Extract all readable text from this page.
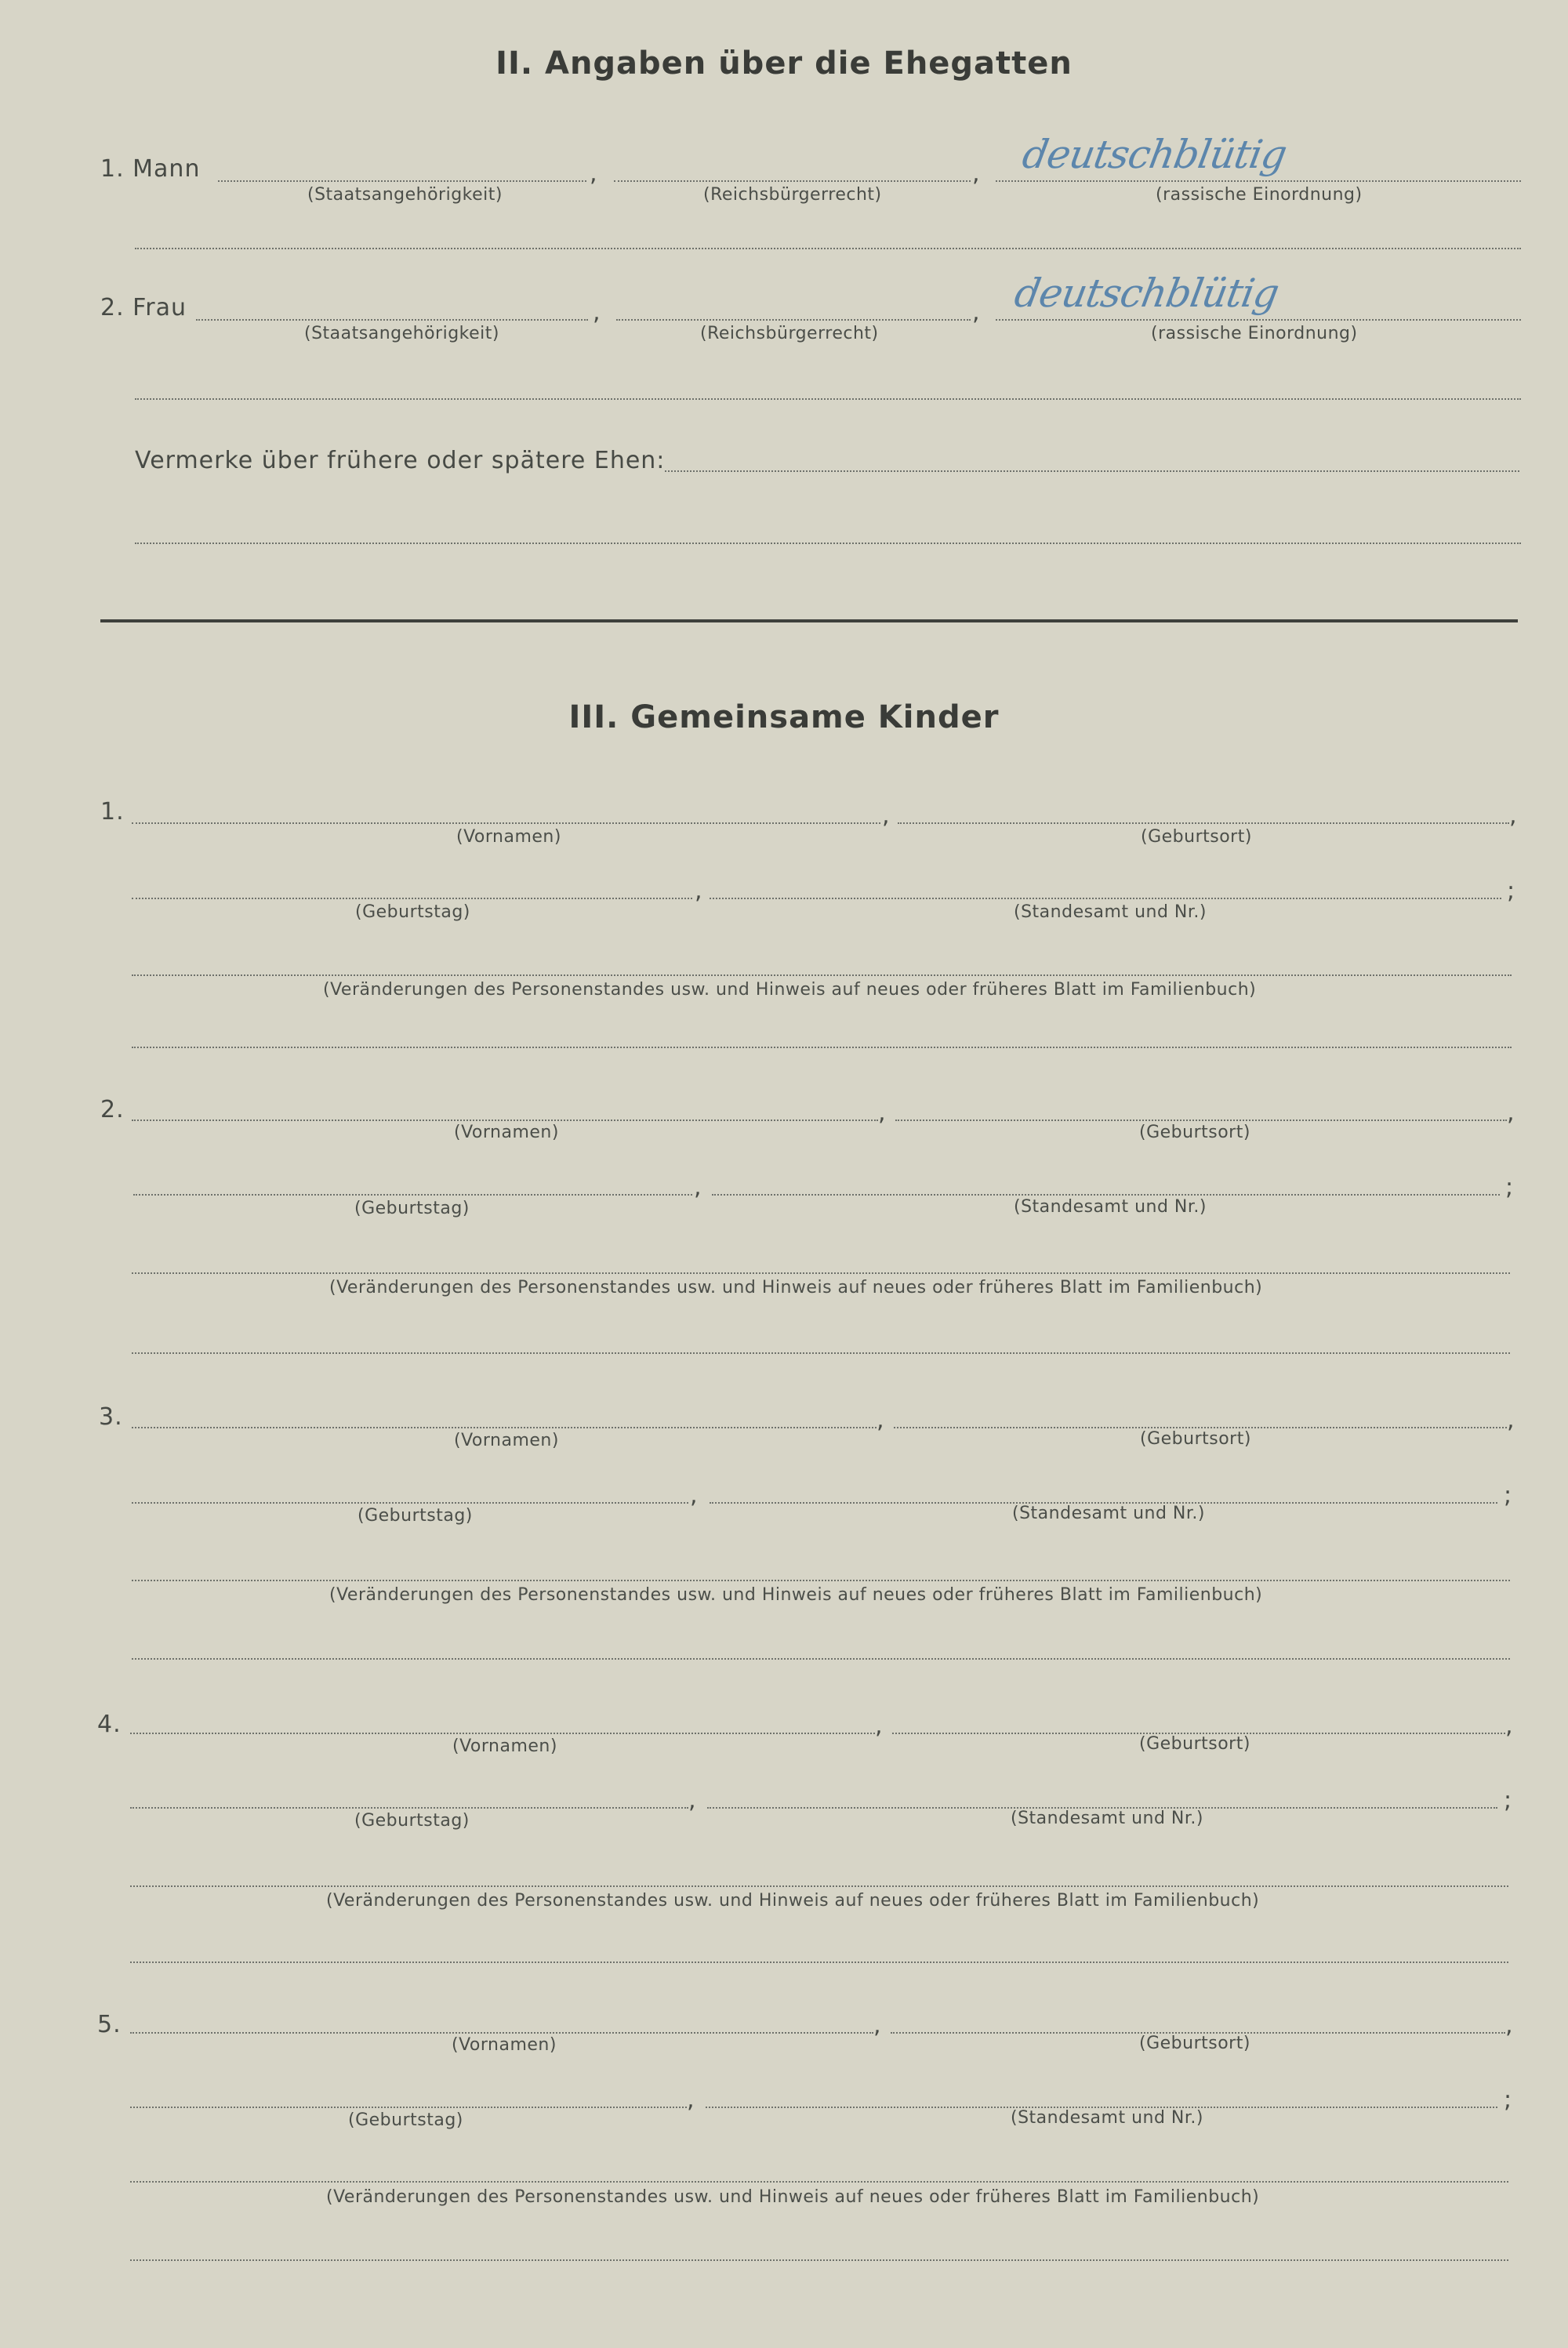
II. Angaben über die Ehegatten
1. Mann	,	, deutschblütig
(Staatsangehörigkeit)	(Reichsbürgerrecht)	(rassische Einordnung)
2. Frau	,	, deutschblütig
(Staatsangehörigkeit)	(Reichsbürgerrecht)	(rassische Einordnung)
Vermerke über frühere oder spätere Ehen:
III. Gemeinsame Kinder
1.	,	,
(Vornamen)	(Geburtsort)
,	;
(Geburtstag)	(Standesamt und Nr.)
(Veränderungen des Personenstandes usw. und Hinweis auf neues oder früheres Blatt im Familienbuch)
2.	,	,
(Vornamen)	(Geburtsort)
,	;
(Geburtstag)	(Standesamt und Nr.)
(Veränderungen des Personenstandes usw. und Hinweis auf neues oder früheres Blatt im Familienbuch)
3.	,	,
(Vornamen)	(Geburtsort)
,	;
(Geburtstag)	(Standesamt und Nr.)
(Veränderungen des Personenstandes usw. und Hinweis auf neues oder früheres Blatt im Familienbuch)
4.	,	,
(Vornamen)	(Geburtsort)
,	;
(Geburtstag)	(Standesamt und Nr.)
(Veränderungen des Personenstandes usw. und Hinweis auf neues oder früheres Blatt im Familienbuch)
5.	,	,
(Vornamen)	(Geburtsort)
,	;
(Geburtstag)	(Standesamt und Nr.)
(Veränderungen des Personenstandes usw. und Hinweis auf neues oder früheres Blatt im Familienbuch)
